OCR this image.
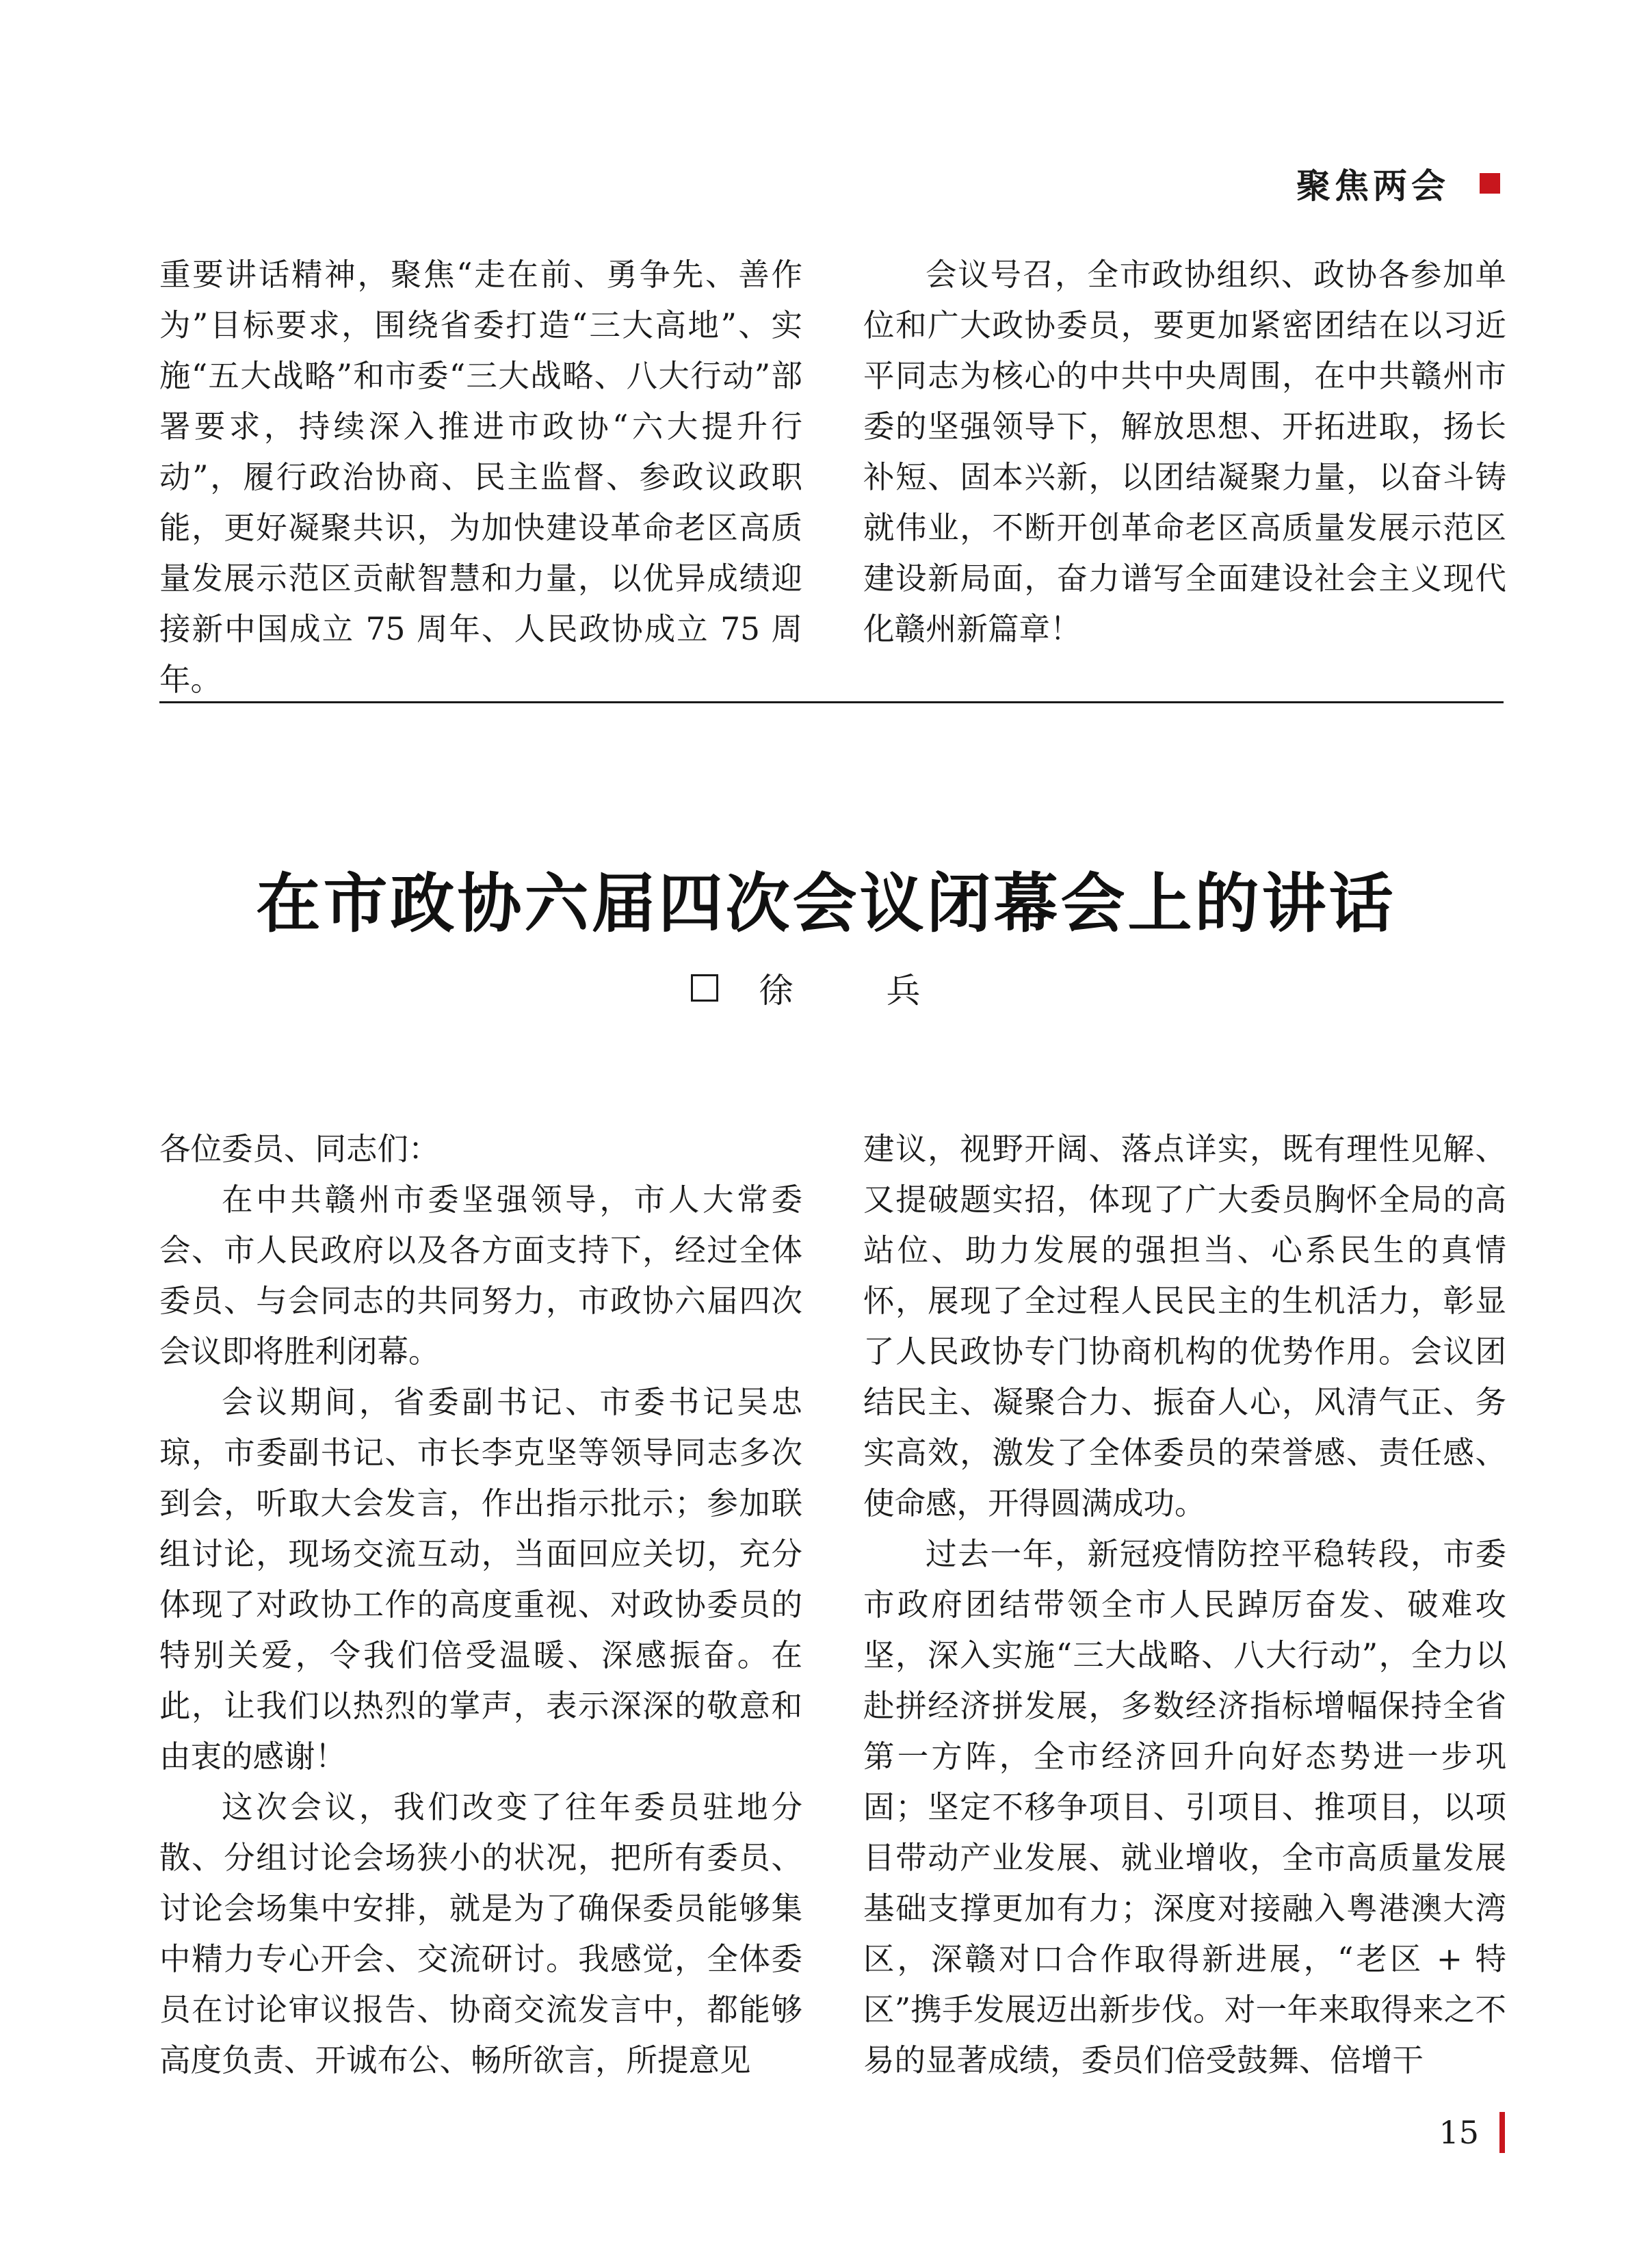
聚焦两会

重要讲话精神，聚焦“走在前、勇争先、善作为”目标要求，围绕省委打造“三大高地”、实施“五大战略”和市委“三大战略、八大行动”部署要求，持续深入推进市政协“六大提升行动”，履行政治协商、民主监督、参政议政职能，更好凝聚共识，为加快建设革命老区高质量发展示范区贡献智慧和力量，以优异成绩迎接新中国成立 75 周年、人民政协成立 75 周年。

会议号召，全市政协组织、政协各参加单位和广大政协委员，要更加紧密团结在以习近平同志为核心的中共中央周围，在中共赣州市委的坚强领导下，解放思想、开拓进取，扬长补短、固本兴新，以团结凝聚力量，以奋斗铸就伟业，不断开创革命老区高质量发展示范区建设新局面，奋力谱写全面建设社会主义现代化赣州新篇章！

在市政协六届四次会议闭幕会上的讲话
徐 兵

各位委员、同志们：

在中共赣州市委坚强领导，市人大常委会、市人民政府以及各方面支持下，经过全体委员、与会同志的共同努力，市政协六届四次会议即将胜利闭幕。

会议期间，省委副书记、市委书记吴忠琼，市委副书记、市长李克坚等领导同志多次到会，听取大会发言，作出指示批示；参加联组讨论，现场交流互动，当面回应关切，充分体现了对政协工作的高度重视、对政协委员的特别关爱，令我们倍受温暖、深感振奋。在此，让我们以热烈的掌声，表示深深的敬意和由衷的感谢！

这次会议，我们改变了往年委员驻地分散、分组讨论会场狭小的状况，把所有委员、讨论会场集中安排，就是为了确保委员能够集中精力专心开会、交流研讨。我感觉，全体委员在讨论审议报告、协商交流发言中，都能够高度负责、开诚布公、畅所欲言，所提意见

建议，视野开阔、落点详实，既有理性见解、又提破题实招，体现了广大委员胸怀全局的高站位、助力发展的强担当、心系民生的真情怀，展现了全过程人民民主的生机活力，彰显了人民政协专门协商机构的优势作用。会议团结民主、凝聚合力、振奋人心，风清气正、务实高效，激发了全体委员的荣誉感、责任感、使命感，开得圆满成功。

过去一年，新冠疫情防控平稳转段，市委市政府团结带领全市人民踔厉奋发、破难攻坚，深入实施“三大战略、八大行动”，全力以赴拼经济拼发展，多数经济指标增幅保持全省第一方阵，全市经济回升向好态势进一步巩固；坚定不移争项目、引项目、推项目，以项目带动产业发展、就业增收，全市高质量发展基础支撑更加有力；深度对接融入粤港澳大湾区，深赣对口合作取得新进展，“老区 + 特区”携手发展迈出新步伐。对一年来取得来之不易的显著成绩，委员们倍受鼓舞、倍增干

15
